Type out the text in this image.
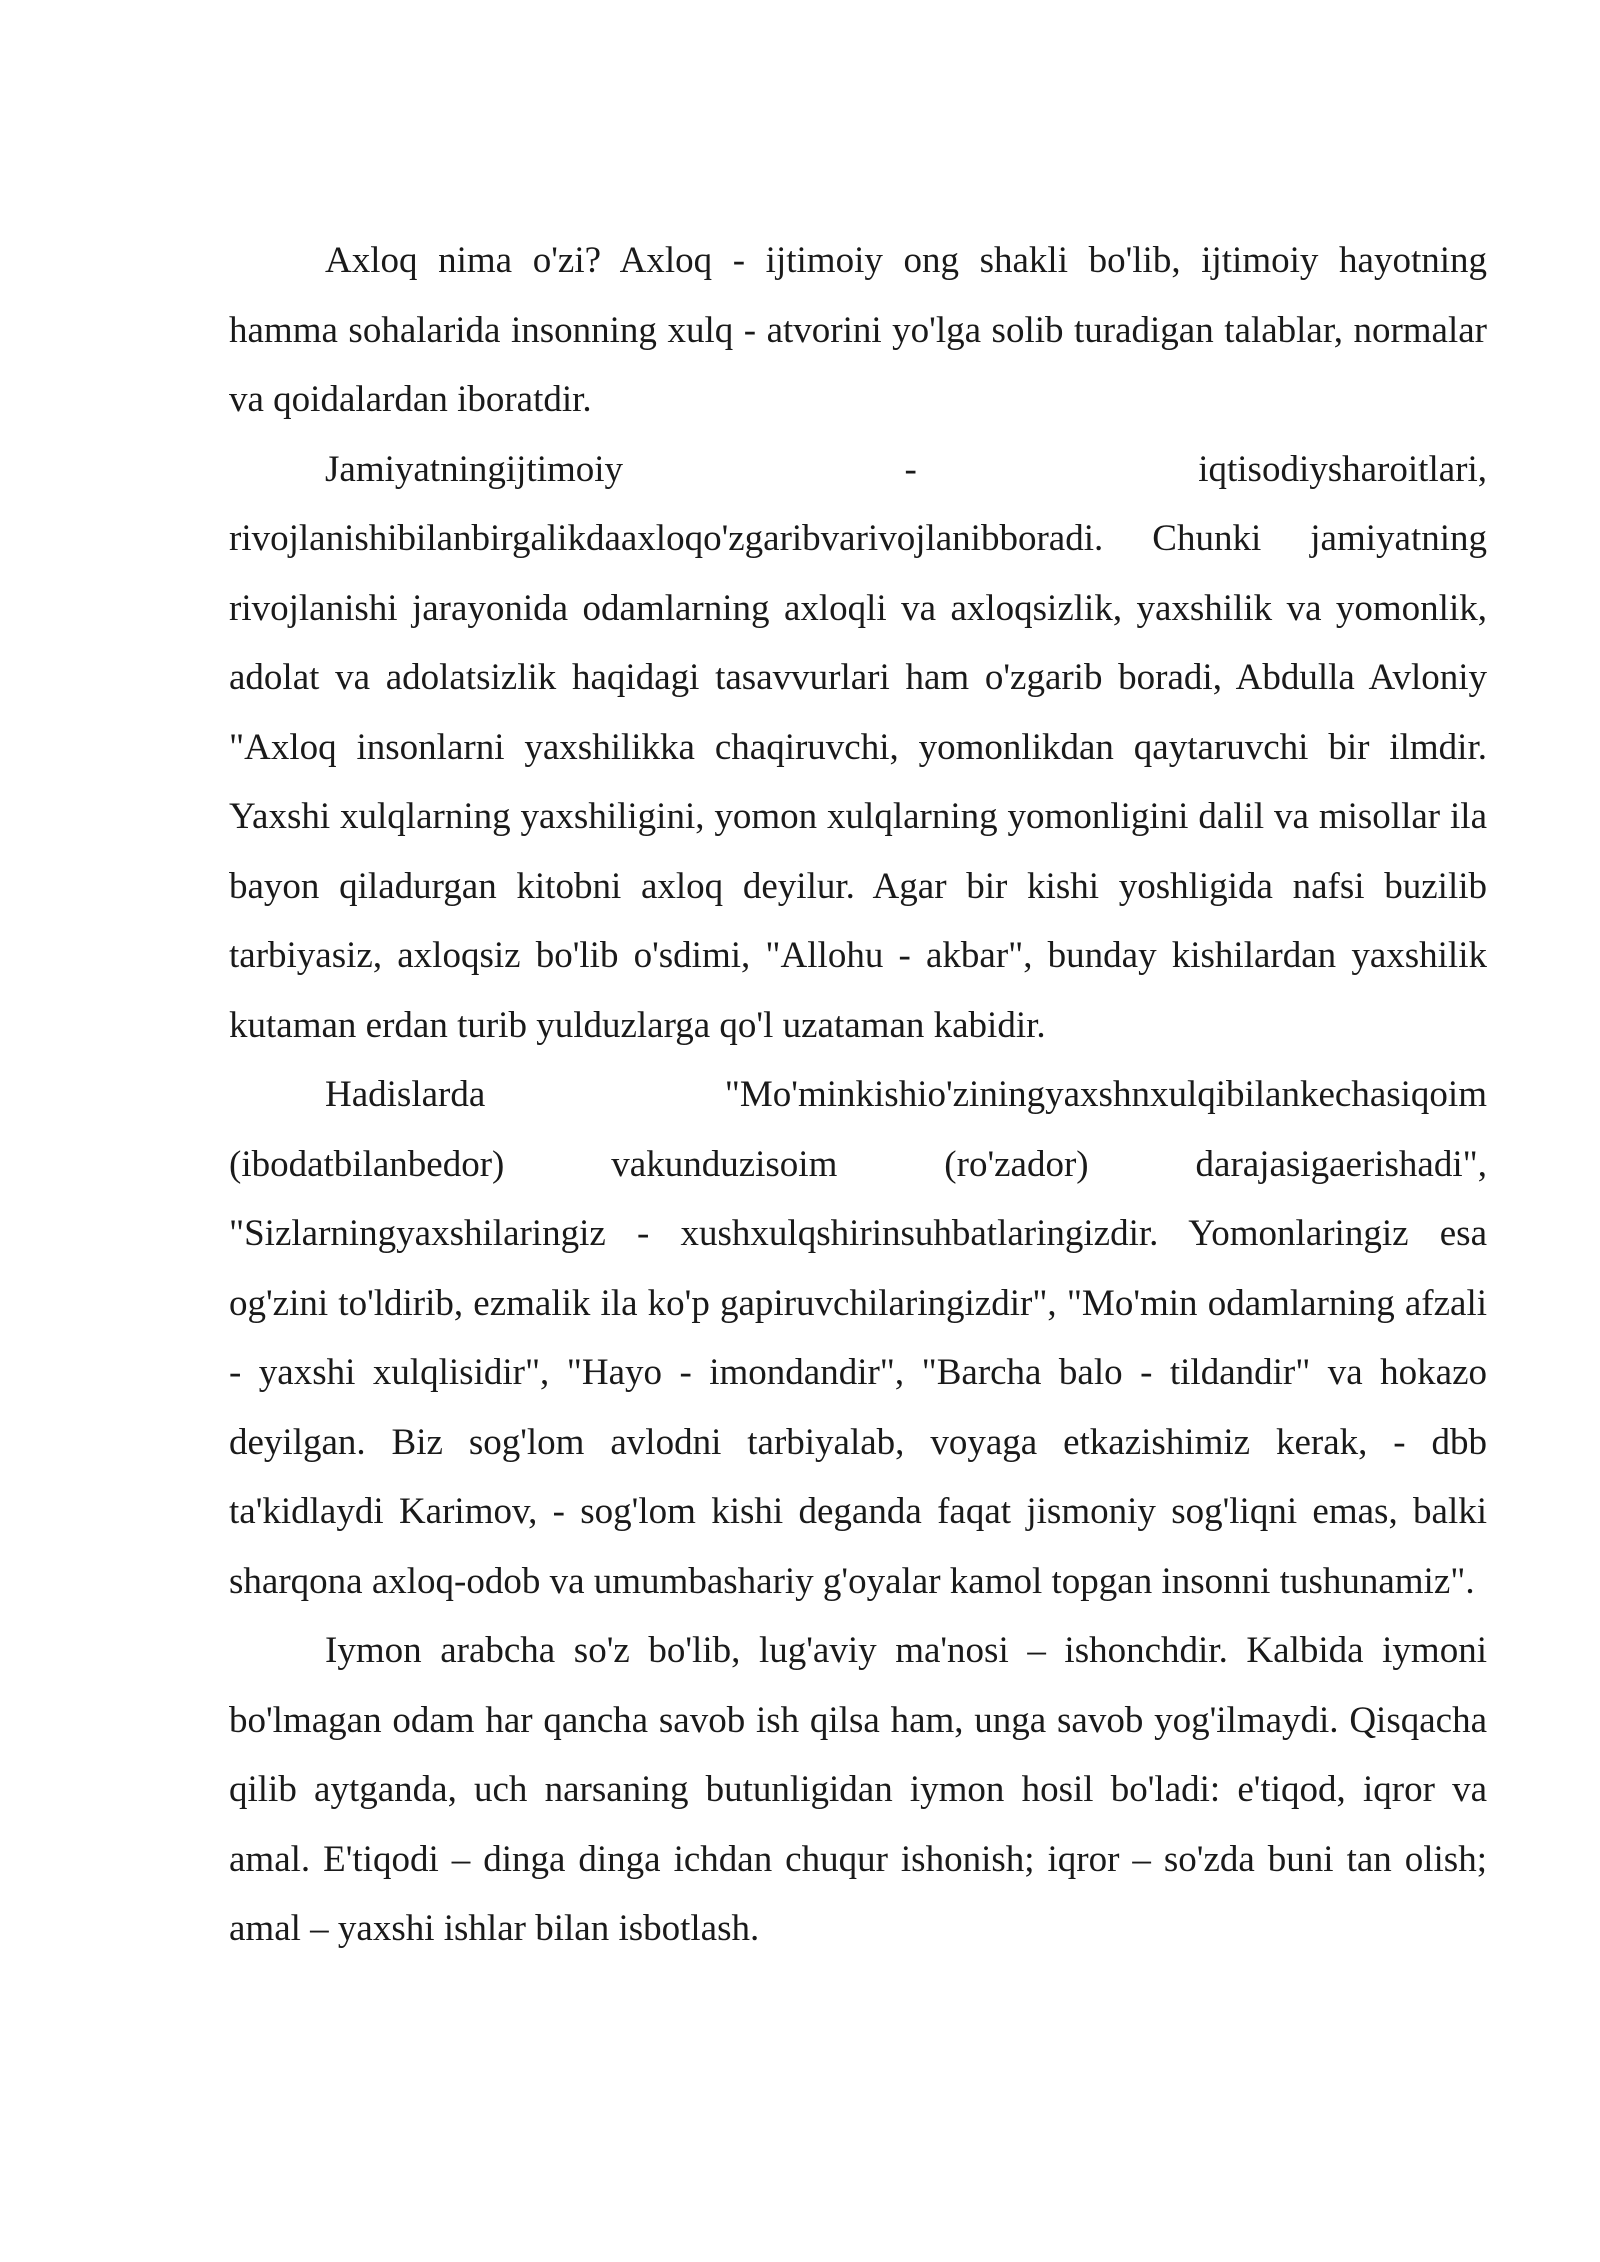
Axloq nima o'zi? Axloq - ijtimoiy ong shakli bo'lib, ijtimoiy hayotning hamma sohalarida insonning xulq - atvorini yo'lga solib turadigan talablar, normalar va qoidalardan iboratdir.

Jamiyatningijtimoiy - iqtisodiysharoitlari, rivojlanishibilanbirgalikdaaxloqo'zgaribvarivojlanibboradi. Chunki jamiyatning rivojlanishi jarayonida odamlarning axloqli va axloqsizlik, yaxshilik va yomonlik, adolat va adolatsizlik haqidagi tasavvurlari ham o'zgarib boradi, Abdulla Avloniy "Axloq insonlarni yaxshilikka chaqiruvchi, yomonlikdan qaytaruvchi bir ilmdir. Yaxshi xulqlarning yaxshiligini, yomon xulqlarning yomonligini dalil va misollar ila bayon qiladurgan kitobni axloq deyilur. Agar bir kishi yoshligida nafsi buzilib tarbiyasiz, axloqsiz bo'lib o'sdimi, "Allohu - akbar", bunday kishilardan yaxshilik kutaman erdan turib yulduzlarga qo'l uzataman kabidir.

Hadislarda "Mo'minkishio'ziningyaxshnxulqibilankechasiqoim (ibodatbilanbedor) vakunduzisoim (ro'zador) darajasigaerishadi", "Sizlarningyaxshilaringiz - xushxulqshirinsuhbatlaringizdir. Yomonlaringiz esa og'zini to'ldirib, ezmalik ila ko'p gapiruvchilaringizdir", "Mo'min odamlarning afzali - yaxshi xulqlisidir", "Hayo - imondandir", "Barcha balo - tildandir" va hokazo deyilgan. Biz sog'lom avlodni tarbiyalab, voyaga etkazishimiz kerak, - dbb ta'kidlaydi Karimov, - sog'lom kishi deganda faqat jismoniy sog'liqni emas, balki sharqona axloq-odob va umumbashariy g'oyalar kamol topgan insonni tushunamiz".

Iymon arabcha so'z bo'lib, lug'aviy ma'nosi – ishonchdir. Kalbida iymoni bo'lmagan odam har qancha savob ish qilsa ham, unga savob yog'ilmaydi. Qisqacha qilib aytganda, uch narsaning butunligidan iymon hosil bo'ladi: e'tiqod, iqror va amal. E'tiqodi – dinga dinga ichdan chuqur ishonish; iqror – so'zda buni tan olish; amal – yaxshi ishlar bilan isbotlash.
